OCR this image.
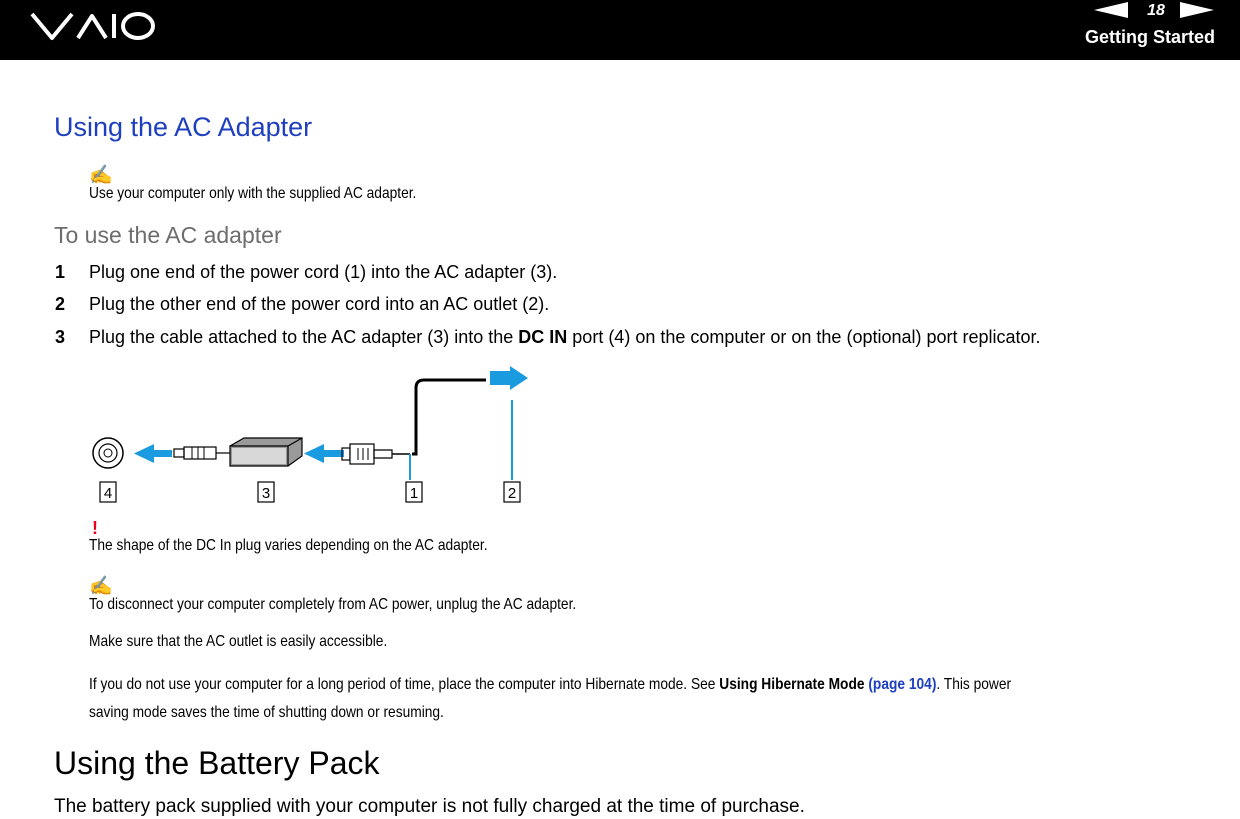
18
Getting Started
Using the AC Adapter
✍
Use your computer only with the supplied AC adapter.
To use the AC adapter
1 Plug one end of the power cord (1) into the AC adapter (3).
2 Plug the other end of the power cord into an AC outlet (2).
3 Plug the cable attached to the AC adapter (3) into the DC IN port (4) on the computer or on the (optional) port replicator.
4	3	1	2
!
The shape of the DC In plug varies depending on the AC adapter.
✍
To disconnect your computer completely from AC power, unplug the AC adapter.
Make sure that the AC outlet is easily accessible.
If you do not use your computer for a long period of time, place the computer into Hibernate mode. See Using Hibernate Mode (page 104). This power
saving mode saves the time of shutting down or resuming.
Using the Battery Pack
The battery pack supplied with your computer is not fully charged at the time of purchase.
